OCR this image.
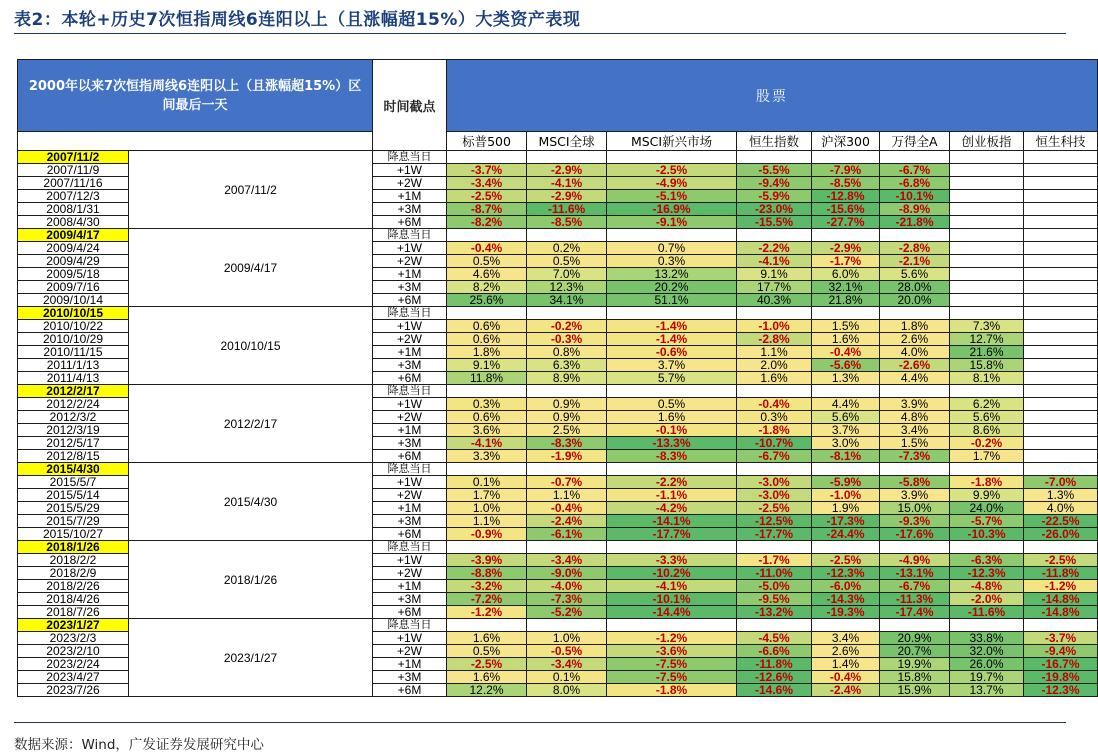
表2：本轮+历史7次恒指周线6连阳以上（且涨幅超15%）大类资产表现
2000年以来7次恒指周线6连阳以上（且涨幅超15%）区间最后一天		时间截点	股票							
			标普500	MSCI全球	MSCI新兴市场	恒生指数	沪深300	万得全A	创业板指	恒生科技
2007/11/2	2007/11/2	降息当日								
2007/11/9		+1W	-3.7%	-2.9%	-2.5%	-5.5%	-7.9%	-6.7%		
2007/11/16		+2W	-3.4%	-4.1%	-4.9%	-9.4%	-8.5%	-6.8%		
2007/12/3		+1M	-2.5%	-2.9%	-5.1%	-5.9%	-12.8%	-10.1%		
2008/1/31		+3M	-8.7%	-11.6%	-16.9%	-23.0%	-15.6%	-8.9%		
2008/4/30		+6M	-8.2%	-8.5%	-9.1%	-15.5%	-27.7%	-21.8%		
2009/4/17	2009/4/17	降息当日								
2009/4/24		+1W	-0.4%	0.2%	0.7%	-2.2%	-2.9%	-2.8%		
2009/4/29		+2W	0.5%	0.5%	0.3%	-4.1%	-1.7%	-2.1%		
2009/5/18		+1M	4.6%	7.0%	13.2%	9.1%	6.0%	5.6%		
2009/7/16		+3M	8.2%	12.3%	20.2%	17.7%	32.1%	28.0%		
2009/10/14		+6M	25.6%	34.1%	51.1%	40.3%	21.8%	20.0%		
2010/10/15	2010/10/15	降息当日								
2010/10/22		+1W	0.6%	-0.2%	-1.4%	-1.0%	1.5%	1.8%	7.3%	
2010/10/29		+2W	0.6%	-0.3%	-1.4%	-2.8%	1.6%	2.6%	12.7%	
2010/11/15		+1M	1.8%	0.8%	-0.6%	1.1%	-0.4%	4.0%	21.6%	
2011/1/13		+3M	9.1%	6.3%	3.7%	2.0%	-5.6%	-2.6%	15.8%	
2011/4/13		+6M	11.8%	8.9%	5.7%	1.6%	1.3%	4.4%	8.1%	
2012/2/17	2012/2/17	降息当日								
2012/2/24		+1W	0.3%	0.9%	0.5%	-0.4%	4.4%	3.9%	6.2%	
2012/3/2		+2W	0.6%	0.9%	1.6%	0.3%	5.6%	4.8%	5.6%	
2012/3/19		+1M	3.6%	2.5%	-0.1%	-1.8%	3.7%	3.4%	8.6%	
2012/5/17		+3M	-4.1%	-8.3%	-13.3%	-10.7%	3.0%	1.5%	-0.2%	
2012/8/15		+6M	3.3%	-1.9%	-8.3%	-6.7%	-8.1%	-7.3%	1.7%	
2015/4/30	2015/4/30	降息当日								
2015/5/7		+1W	0.1%	-0.7%	-2.2%	-3.0%	-5.9%	-5.8%	-1.8%	-7.0%
2015/5/14		+2W	1.7%	1.1%	-1.1%	-3.0%	-1.0%	3.9%	9.9%	1.3%
2015/5/29		+1M	1.0%	-0.4%	-4.2%	-2.5%	1.9%	15.0%	24.0%	4.0%
2015/7/29		+3M	1.1%	-2.4%	-14.1%	-12.5%	-17.3%	-9.3%	-5.7%	-22.5%
2015/10/27		+6M	-0.9%	-6.1%	-17.7%	-17.7%	-24.4%	-17.6%	-10.3%	-26.0%
2018/1/26	2018/1/26	降息当日								
2018/2/2		+1W	-3.9%	-3.4%	-3.3%	-1.7%	-2.5%	-4.9%	-6.3%	-2.5%
2018/2/9		+2W	-8.8%	-9.0%	-10.2%	-11.0%	-12.3%	-13.1%	-12.3%	-11.8%
2018/2/26		+1M	-3.2%	-4.0%	-4.1%	-5.0%	-6.0%	-6.7%	-4.8%	-1.2%
2018/4/26		+3M	-7.2%	-7.3%	-10.1%	-9.5%	-14.3%	-11.3%	-2.0%	-14.8%
2018/7/26		+6M	-1.2%	-5.2%	-14.4%	-13.2%	-19.3%	-17.4%	-11.6%	-14.8%
2023/1/27	2023/1/27	降息当日								
2023/2/3		+1W	1.6%	1.0%	-1.2%	-4.5%	3.4%	20.9%	33.8%	-3.7%
2023/2/10		+2W	0.5%	-0.5%	-3.6%	-6.6%	2.6%	20.7%	32.0%	-9.4%
2023/2/24		+1M	-2.5%	-3.4%	-7.5%	-11.8%	1.4%	19.9%	26.0%	-16.7%
2023/4/27		+3M	1.6%	0.1%	-7.5%	-12.6%	-0.4%	15.8%	19.7%	-19.8%
2023/7/26		+6M	12.2%	8.0%	-1.8%	-14.6%	-2.4%	15.9%	13.7%	-12.3%
数据来源：Wind，广发证券发展研究中心
